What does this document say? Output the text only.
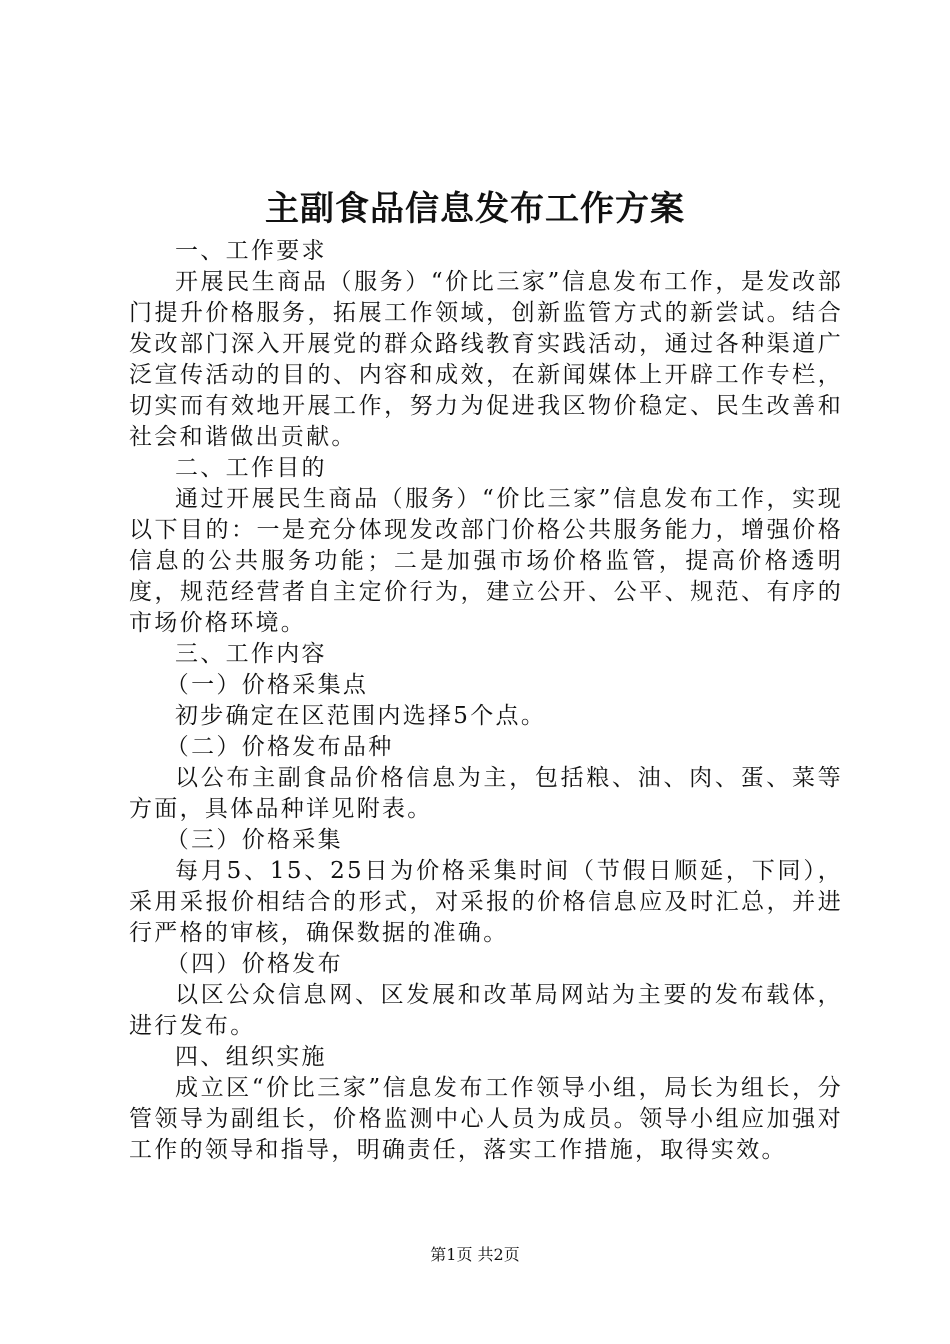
主副食品信息发布工作方案

一、工作要求

开展民生商品（服务）“价比三家”信息发布工作，是发改部门提升价格服务，拓展工作领域，创新监管方式的新尝试。结合发改部门深入开展党的群众路线教育实践活动，通过各种渠道广泛宣传活动的目的、内容和成效，在新闻媒体上开辟工作专栏，切实而有效地开展工作，努力为促进我区物价稳定、民生改善和社会和谐做出贡献。

二、工作目的

通过开展民生商品（服务）“价比三家”信息发布工作，实现以下目的：一是充分体现发改部门价格公共服务能力，增强价格信息的公共服务功能；二是加强市场价格监管，提高价格透明度，规范经营者自主定价行为，建立公开、公平、规范、有序的市场价格环境。

三、工作内容

（一）价格采集点

初步确定在区范围内选择5个点。

（二）价格发布品种

以公布主副食品价格信息为主，包括粮、油、肉、蛋、菜等方面，具体品种详见附表。

（三）价格采集

每月5、15、25日为价格采集时间（节假日顺延，下同），采用采报价相结合的形式，对采报的价格信息应及时汇总，并进行严格的审核，确保数据的准确。

（四）价格发布

以区公众信息网、区发展和改革局网站为主要的发布载体，进行发布。

四、组织实施

成立区“价比三家”信息发布工作领导小组，局长为组长，分管领导为副组长，价格监测中心人员为成员。领导小组应加强对工作的领导和指导，明确责任，落实工作措施，取得实效。

第1页 共2页
